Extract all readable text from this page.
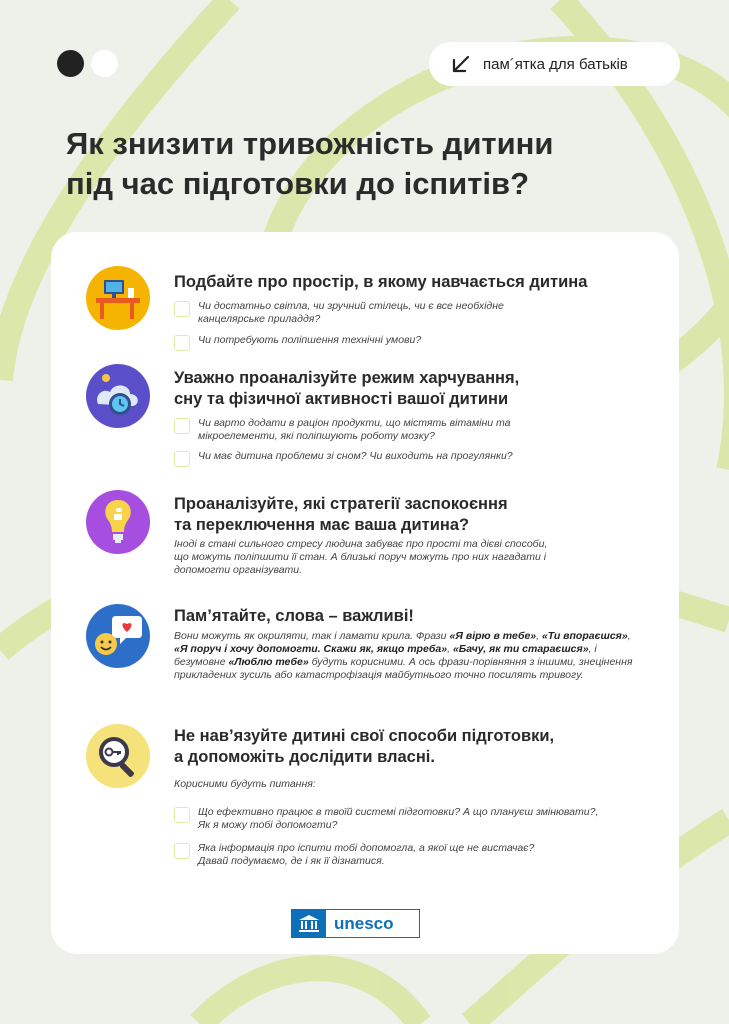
пам´ятка для батьків
Як знизити тривожність дитини
під час підготовки до іспитів?
Подбайте про простір, в якому навчається дитина
Чи достатньо світла, чи зручний стілець, чи є все необхідне
канцелярське приладдя?
Чи потребують поліпшення технічні умови?
Уважно проаналізуйте режим харчування,
сну та фізичної активності вашої дитини
Чи варто додати в раціон продукти, що містять вітаміни та
мікроелементи, які поліпшують роботу мозку?
Чи має дитина проблеми зі сном? Чи виходить на прогулянки?
Проаналізуйте, які стратегії заспокоєння
та переключення має ваша дитина?

Іноді в стані сильного стресу людина забуває про прості та дієві способи,
що можуть поліпшити її стан. А близькі поруч можуть про них нагадати і
допомогти організувати.

Пам’ятайте, слова – важливі!

Вони можуть як окриляти, так і ламати крила. Фрази «Я вірю в тебе», «Ти впораєшся», «Я поруч і хочу допомогти. Скажи як, якщо треба», «Бачу, як ти стараєшся», і безумовне «Люблю тебе» будуть корисними. А ось фрази-порівняння з іншими, знецінення прикладених зусиль або катастрофізація майбутнього точно посилять тривогу.

Не нав’язуйте дитині свої способи підготовки,
а допоможіть дослідити власні.

Корисними будуть питання:

Що ефективно працює в твоїй системі підготовки? А що плануєш змінювати?,
Як я можу тобі допомогти?
Яка інформація про іспити тобі допомогла, а якої ще не вистачає?
Давай подумаємо, де і як її дізнатися.
unesco
